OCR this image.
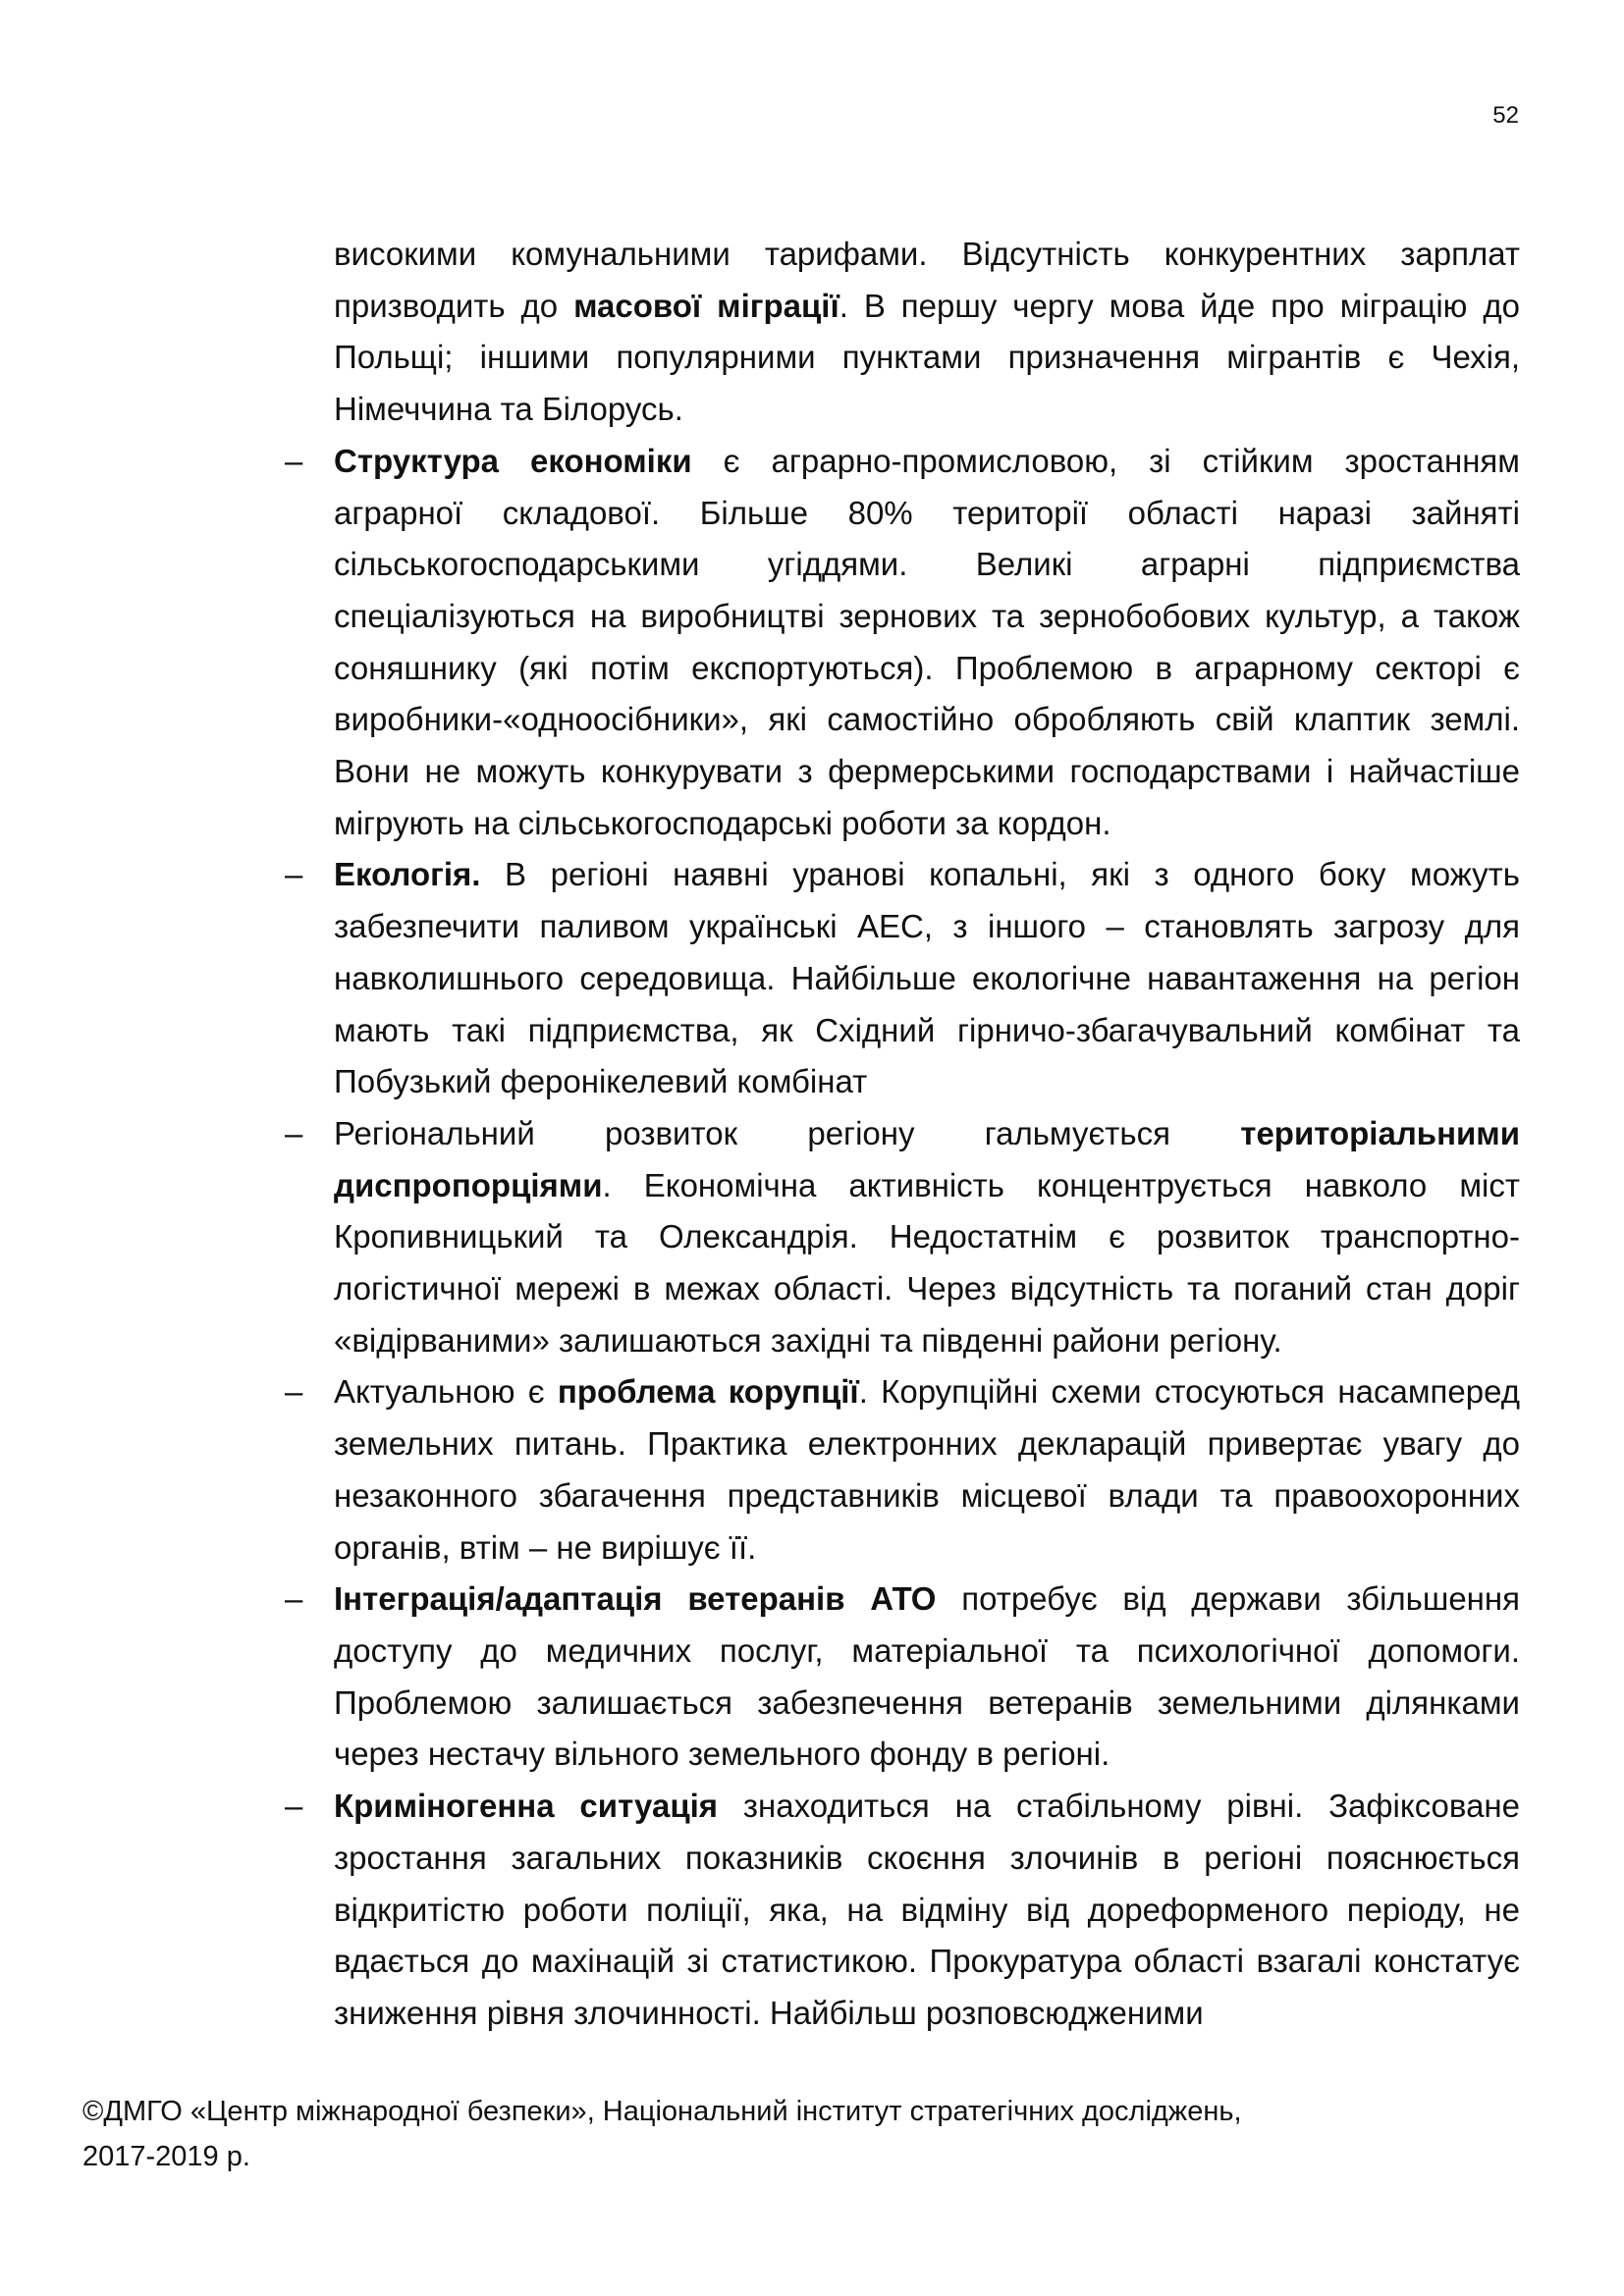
52

високими комунальними тарифами. Відсутність конкурентних зарплат призводить до масової міграції. В першу чергу мова йде про міграцію до Польщі; іншими популярними пунктами призначення мігрантів є Чехія, Німеччина та Білорусь.

– Структура економіки є аграрно-промисловою, зі стійким зростанням аграрної складової. Більше 80% території області наразі зайняті сільськогосподарськими угіддями. Великі аграрні підприємства спеціалізуються на виробництві зернових та зернобобових культур, а також соняшнику (які потім експортуються). Проблемою в аграрному секторі є виробники-«одноосібники», які самостійно обробляють свій клаптик землі. Вони не можуть конкурувати з фермерськими господарствами і найчастіше мігрують на сільськогосподарські роботи за кордон.
– Екологія. В регіоні наявні уранові копальні, які з одного боку можуть забезпечити паливом українські АЕС, з іншого – становлять загрозу для навколишнього середовища. Найбільше екологічне навантаження на регіон мають такі підприємства, як Східний гірничо-збагачувальний комбінат та Побузький феронікелевий комбінат
– Регіональний розвиток регіону гальмується територіальними диспропорціями. Економічна активність концентрується навколо міст Кропивницький та Олександрія. Недостатнім є розвиток транспортно-логістичної мережі в межах області. Через відсутність та поганий стан доріг «відірваними» залишаються західні та південні райони регіону.
– Актуальною є проблема корупції. Корупційні схеми стосуються насамперед земельних питань. Практика електронних декларацій привертає увагу до незаконного збагачення представників місцевої влади та правоохоронних органів, втім – не вирішує її.
– Інтеграція/адаптація ветеранів АТО потребує від держави збільшення доступу до медичних послуг, матеріальної та психологічної допомоги. Проблемою залишається забезпечення ветеранів земельними ділянками через нестачу вільного земельного фонду в регіоні.
– Криміногенна ситуація знаходиться на стабільному рівні. Зафіксоване зростання загальних показників скоєння злочинів в регіоні пояснюється відкритістю роботи поліції, яка, на відміну від дореформеного періоду, не вдається до махінацій зі статистикою. Прокуратура області взагалі констатує зниження рівня злочинності. Найбільш розповсюдженими
©ДМГО «Центр міжнародної безпеки», Національний інститут стратегічних досліджень,
2017-2019 р.
